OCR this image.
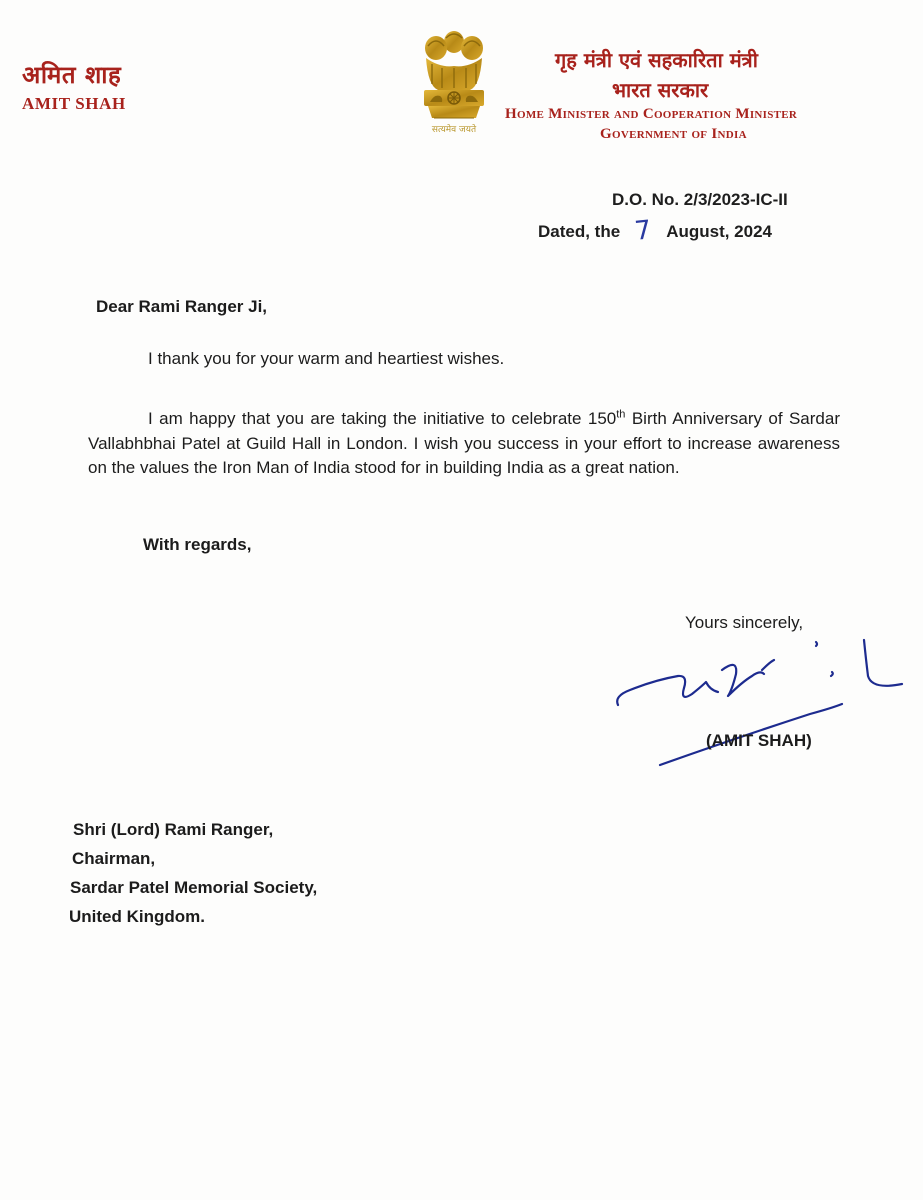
अमित शाह
AMIT SHAH
सत्यमेव जयते
गृह मंत्री एवं सहकारिता मंत्री
भारत सरकार
Home Minister and Cooperation Minister
Government of India
D.O. No. 2/3/2023-IC-II
Dated, the 7 August, 2024
Dear Rami Ranger Ji,
I thank you for your warm and heartiest wishes.
I am happy that you are taking the initiative to celebrate 150th Birth Anniversary of Sardar Vallabhbhai Patel at Guild Hall in London. I wish you success in your effort to increase awareness on the values the Iron Man of India stood for in building India as a great nation.
With regards,
Yours sincerely,
(AMIT SHAH)
Shri (Lord) Rami Ranger,
Chairman,
Sardar Patel Memorial Society,
United Kingdom.
